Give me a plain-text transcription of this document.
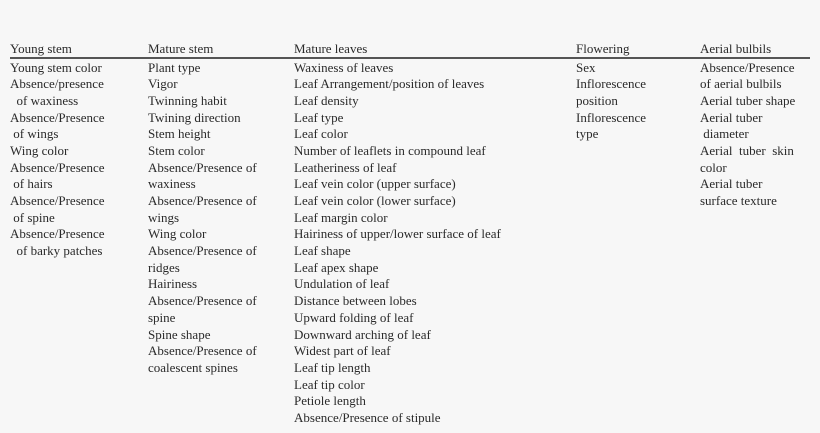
Young stem
Young stem color
Absence/presence
of waxiness
Absence/Presence
of wings
Wing color
Absence/Presence
of hairs
Absence/Presence
of spine
Absence/Presence
of barky patches
Mature stem
Plant type
Vigor
Twinning habit
Twining direction
Stem height
Stem color
Absence/Presence of
waxiness
Absence/Presence of
wings
Wing color
Absence/Presence of
ridges
Hairiness
Absence/Presence of
spine
Spine shape
Absence/Presence of
coalescent spines
Mature leaves
Waxiness of leaves
Leaf Arrangement/position of leaves
Leaf density
Leaf type
Leaf color
Number of leaflets in compound leaf
Leatheriness of leaf
Leaf vein color (upper surface)
Leaf vein color (lower surface)
Leaf margin color
Hairiness of upper/lower surface of leaf
Leaf shape
Leaf apex shape
Undulation of leaf
Distance between lobes
Upward folding of leaf
Downward arching of leaf
Widest part of leaf
Leaf tip length
Leaf tip color
Petiole length
Absence/Presence of stipule
Flowering
Sex
Inflorescence
position
Inflorescence
type
Aerial bulbils
Absence/Presence
of aerial bulbils
Aerial tuber shape
Aerial tuber
diameter
Aerial  tuber  skin
color
Aerial tuber
surface texture
